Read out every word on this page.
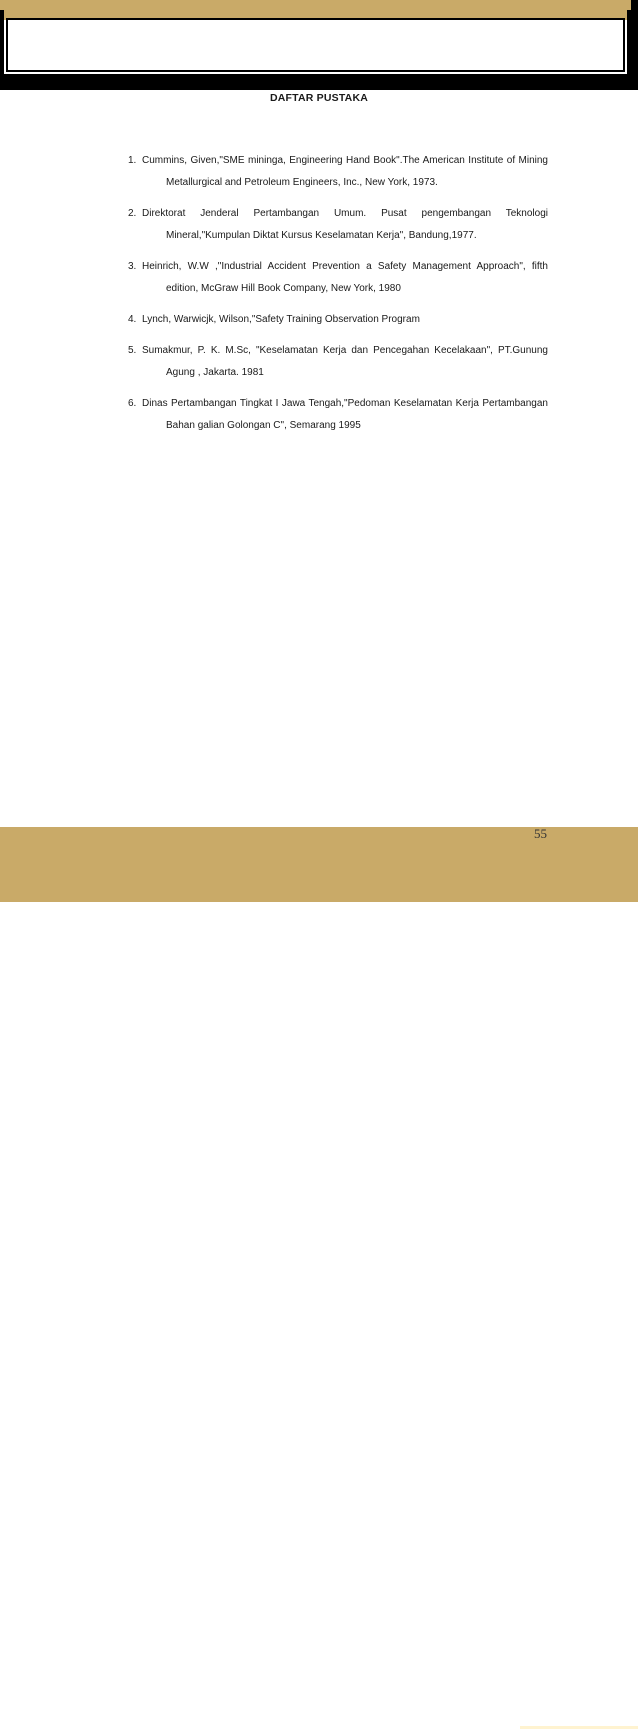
DAFTAR PUSTAKA
1. Cummins, Given,"SME mininga, Engineering Hand Book".The American Institute of Mining Metallurgical and Petroleum Engineers, Inc., New York, 1973.
2. Direktorat Jenderal Pertambangan Umum. Pusat pengembangan Teknologi Mineral,"Kumpulan Diktat Kursus Keselamatan Kerja", Bandung,1977.
3. Heinrich, W.W ,"Industrial Accident Prevention a Safety Management Approach", fifth edition, McGraw Hill Book Company, New York, 1980
4. Lynch, Warwicjk, Wilson,"Safety Training Observation Program
5. Sumakmur, P. K. M.Sc, "Keselamatan Kerja dan Pencegahan Kecelakaan", PT.Gunung Agung , Jakarta. 1981
6. Dinas Pertambangan Tingkat I Jawa Tengah,"Pedoman Keselamatan Kerja Pertambangan Bahan galian Golongan C", Semarang 1995
55
